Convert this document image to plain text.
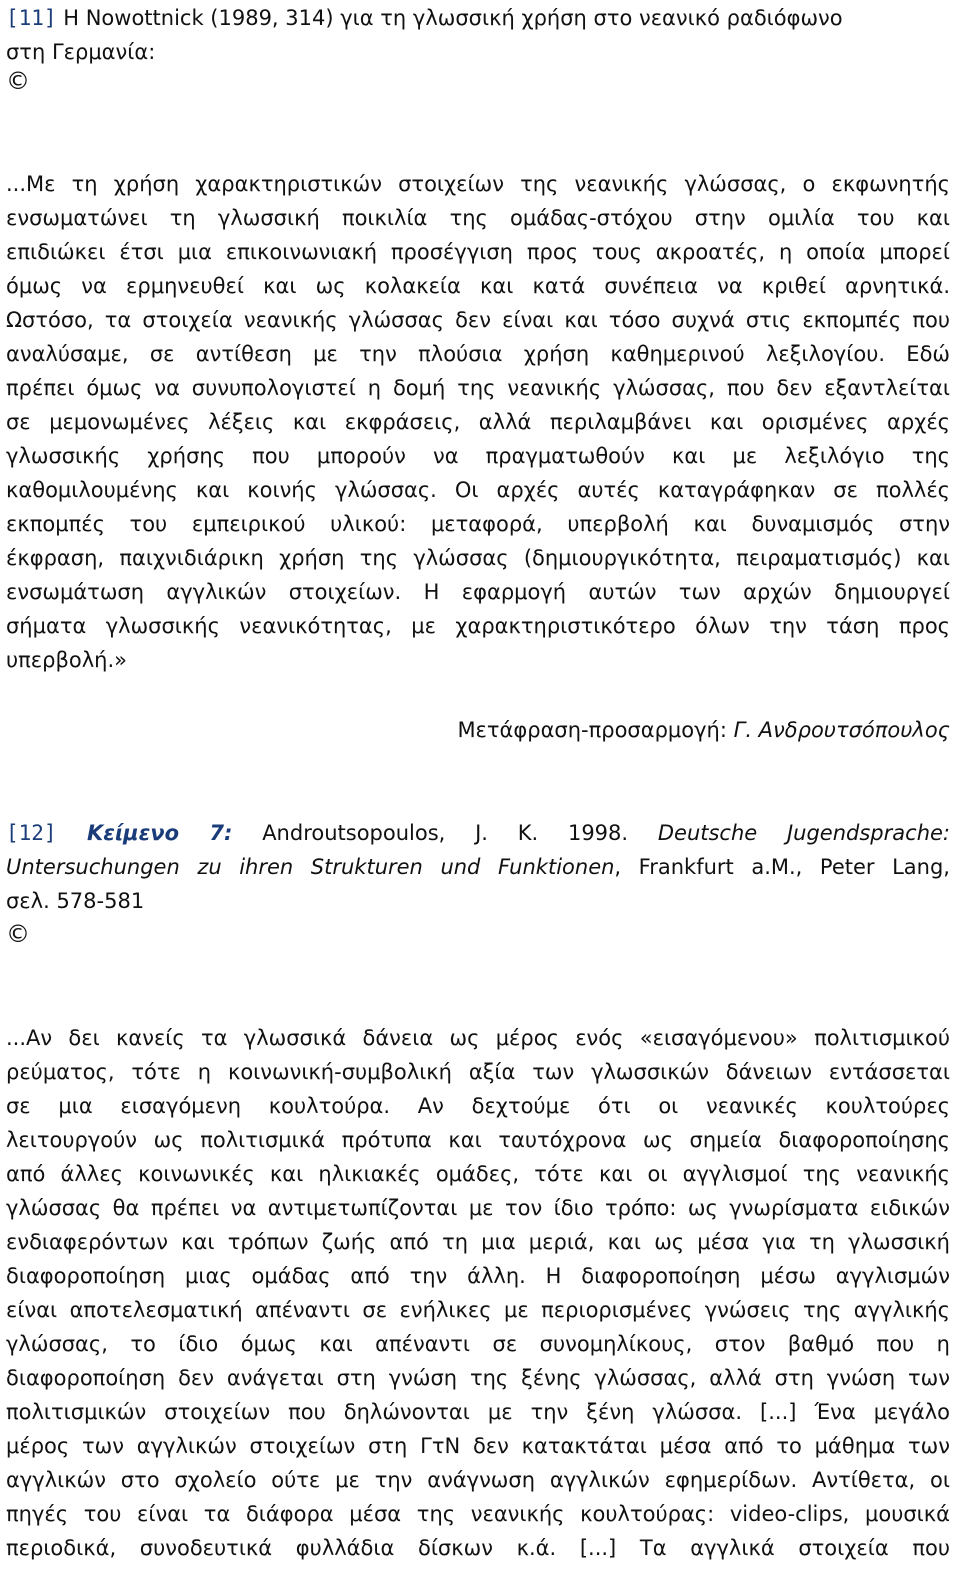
[11] Η Nowottnick (1989, 314) για τη γλωσσική χρήση στο νεανικό ραδιόφωνο
στη Γερμανία:
©
...Με τη χρήση χαρακτηριστικών στοιχείων της νεανικής γλώσσας, ο εκφωνητής
ενσωματώνει τη γλωσσική ποικιλία της ομάδας-στόχου στην ομιλία του και
επιδιώκει έτσι μια επικοινωνιακή προσέγγιση προς τους ακροατές, η οποία μπορεί
όμως να ερμηνευθεί και ως κολακεία και κατά συνέπεια να κριθεί αρνητικά.
Ωστόσο, τα στοιχεία νεανικής γλώσσας δεν είναι και τόσο συχνά στις εκπομπές που
αναλύσαμε, σε αντίθεση με την πλούσια χρήση καθημερινού λεξιλογίου. Εδώ
πρέπει όμως να συνυπολογιστεί η δομή της νεανικής γλώσσας, που δεν εξαντλείται
σε μεμονωμένες λέξεις και εκφράσεις, αλλά περιλαμβάνει και ορισμένες αρχές
γλωσσικής χρήσης που μπορούν να πραγματωθούν και με λεξιλόγιο της
καθομιλουμένης και κοινής γλώσσας. Οι αρχές αυτές καταγράφηκαν σε πολλές
εκπομπές του εμπειρικού υλικού: μεταφορά, υπερβολή και δυναμισμός στην
έκφραση, παιχνιδιάρικη χρήση της γλώσσας (δημιουργικότητα, πειραματισμός) και
ενσωμάτωση αγγλικών στοιχείων. Η εφαρμογή αυτών των αρχών δημιουργεί
σήματα γλωσσικής νεανικότητας, με χαρακτηριστικότερο όλων την τάση προς
υπερβολή.»
Μετάφραση-προσαρμογή: Γ. Ανδρουτσόπουλος
[12] Κείμενο 7: Androutsopoulos, J. K. 1998. Deutsche Jugendsprache:
Untersuchungen zu ihren Strukturen und Funktionen, Frankfurt a.M., Peter Lang,
σελ. 578-581
©
...Αν δει κανείς τα γλωσσικά δάνεια ως μέρος ενός «εισαγόμενου» πολιτισμικού
ρεύματος, τότε η κοινωνική-συμβολική αξία των γλωσσικών δάνειων εντάσσεται
σε μια εισαγόμενη κουλτούρα. Αν δεχτούμε ότι οι νεανικές κουλτούρες
λειτουργούν ως πολιτισμικά πρότυπα και ταυτόχρονα ως σημεία διαφοροποίησης
από άλλες κοινωνικές και ηλικιακές ομάδες, τότε και οι αγγλισμοί της νεανικής
γλώσσας θα πρέπει να αντιμετωπίζονται με τον ίδιο τρόπο: ως γνωρίσματα ειδικών
ενδιαφερόντων και τρόπων ζωής από τη μια μεριά, και ως μέσα για τη γλωσσική
διαφοροποίηση μιας ομάδας από την άλλη. Η διαφοροποίηση μέσω αγγλισμών
είναι αποτελεσματική απέναντι σε ενήλικες με περιορισμένες γνώσεις της αγγλικής
γλώσσας, το ίδιο όμως και απέναντι σε συνομηλίκους, στον βαθμό που η
διαφοροποίηση δεν ανάγεται στη γνώση της ξένης γλώσσας, αλλά στη γνώση των
πολιτισμικών στοιχείων που δηλώνονται με την ξένη γλώσσα. [...] Ένα μεγάλο
μέρος των αγγλικών στοιχείων στη ΓτΝ δεν κατακτάται μέσα από το μάθημα των
αγγλικών στο σχολείο ούτε με την ανάγνωση αγγλικών εφημερίδων. Αντίθετα, οι
πηγές του είναι τα διάφορα μέσα της νεανικής κουλτούρας: video-clips, μουσικά
περιοδικά, συνοδευτικά φυλλάδια δίσκων κ.ά. [...] Τα αγγλικά στοιχεία που
